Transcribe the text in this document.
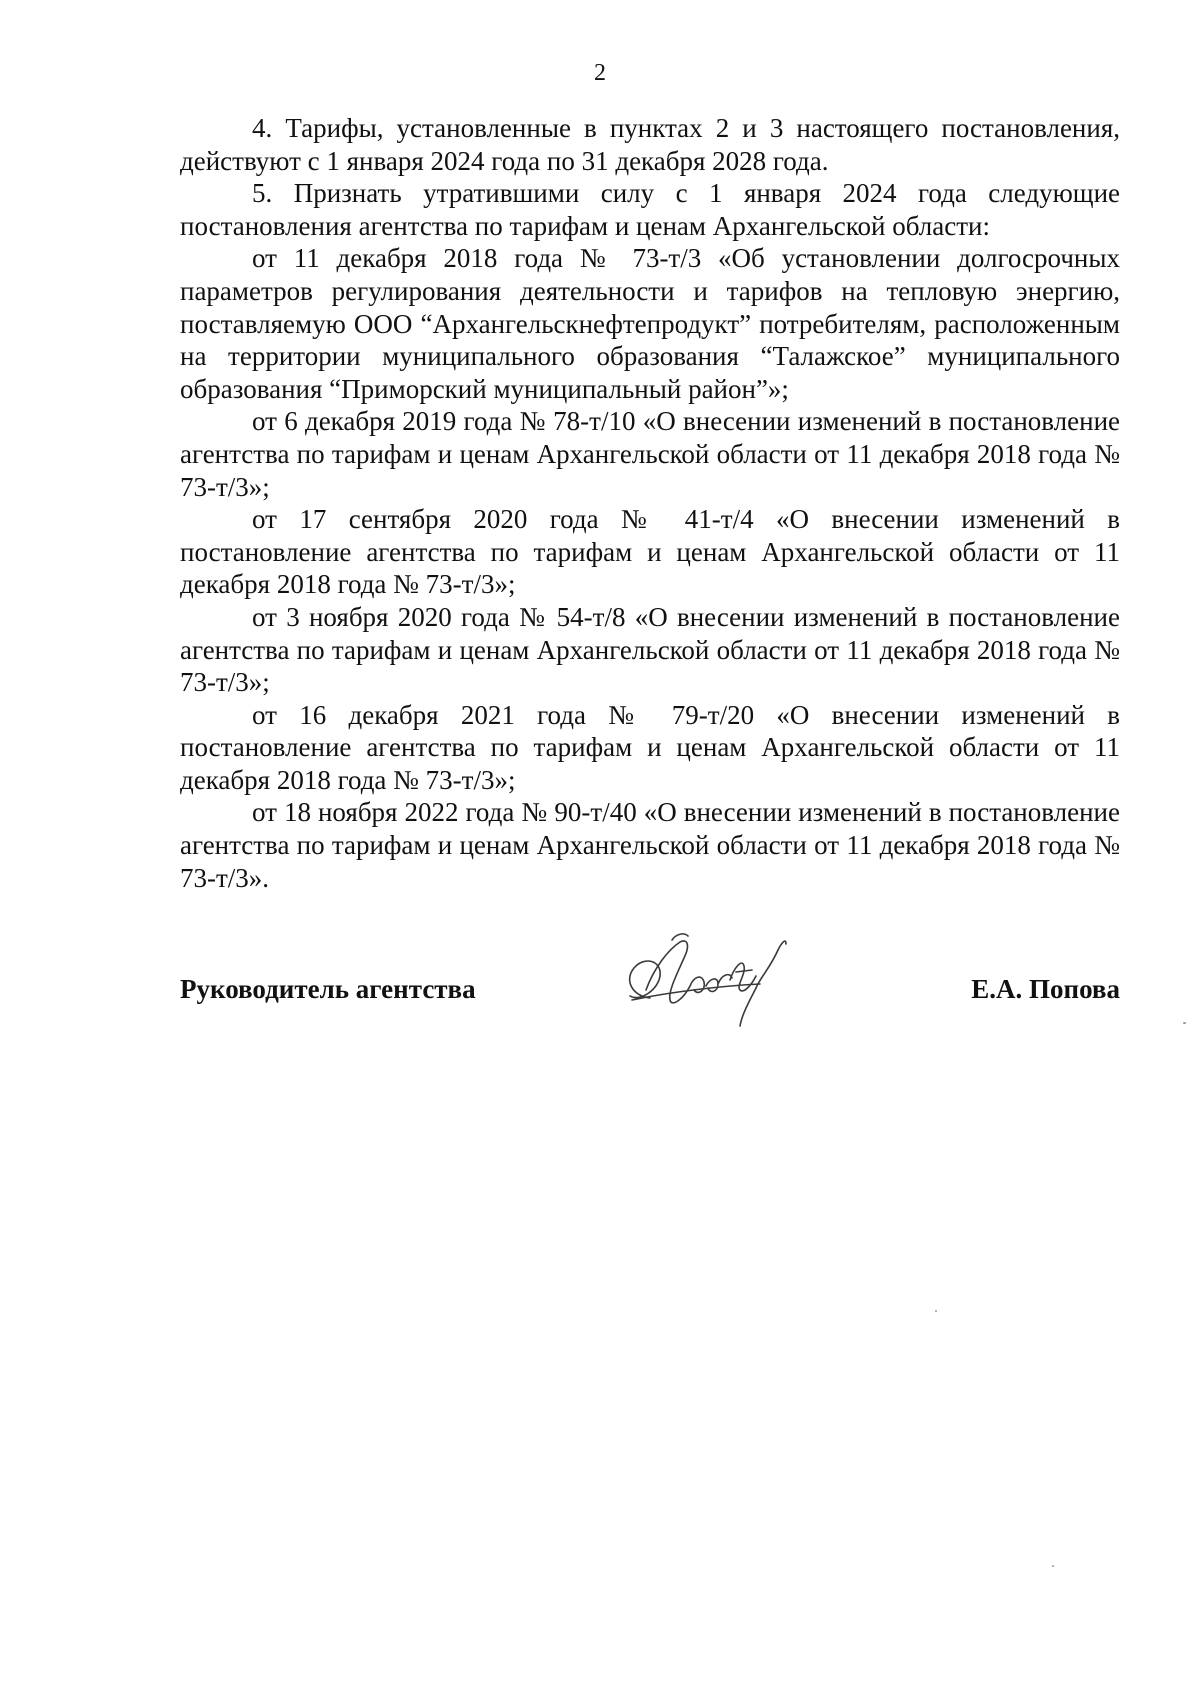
2

4. Тарифы, установленные в пунктах 2 и 3 настоящего постановления, действуют с 1 января 2024 года по 31 декабря 2028 года.

5. Признать утратившими силу с 1 января 2024 года следующие постановления агентства по тарифам и ценам Архангельской области:

от 11 декабря 2018 года № 73-т/3 «Об установлении долгосрочных параметров регулирования деятельности и тарифов на тепловую энергию, поставляемую ООО “Архангельскнефтепродукт” потребителям, расположенным на территории муниципального образования “Талажское” муниципального образования “Приморский муниципальный район”»;

от 6 декабря 2019 года № 78-т/10 «О внесении изменений в постановление агентства по тарифам и ценам Архангельской области от 11 декабря 2018 года № 73-т/3»;

от 17 сентября 2020 года № 41-т/4 «О внесении изменений в постановление агентства по тарифам и ценам Архангельской области от 11 декабря 2018 года № 73-т/3»;

от 3 ноября 2020 года № 54-т/8 «О внесении изменений в постановление агентства по тарифам и ценам Архангельской области от 11 декабря 2018 года № 73-т/3»;

от 16 декабря 2021 года № 79-т/20 «О внесении изменений в постановление агентства по тарифам и ценам Архангельской области от 11 декабря 2018 года № 73-т/3»;

от 18 ноября 2022 года № 90-т/40 «О внесении изменений в постановление агентства по тарифам и ценам Архангельской области от 11 декабря 2018 года № 73-т/3».

Руководитель агентства	Е.А. Попова
